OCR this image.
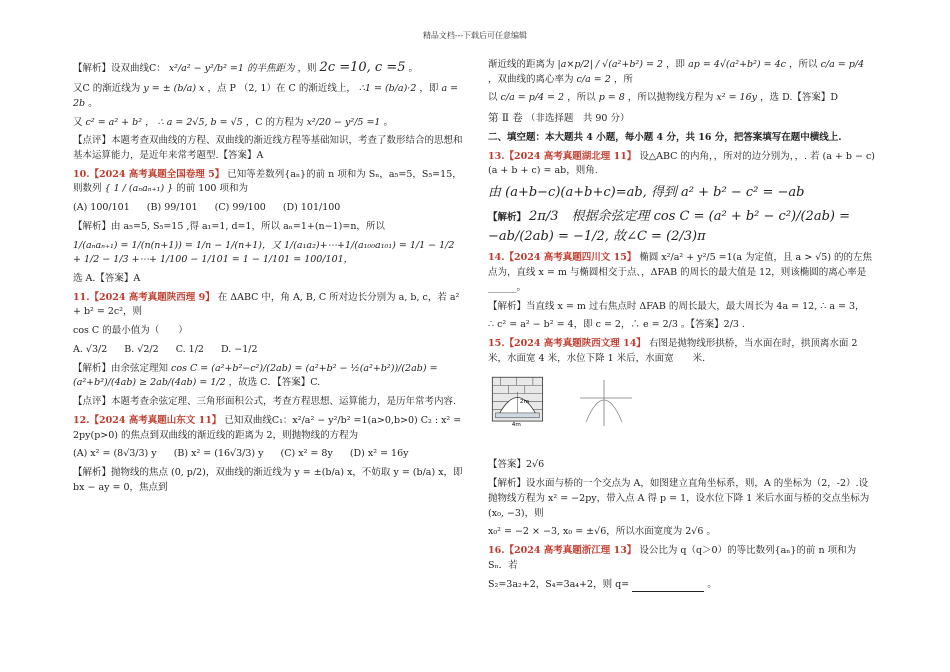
精品文档---下载后可任意编辑
【解析】设双曲线C： x²/a² − y²/b² =1 的半焦距为 ，则 2c =10, c =5 。
又C 的渐近线为 y = ± (b/a) x ，点 P （2, 1）在 C 的渐近线上， ∴1 = (b/a)·2 ，即 a = 2b 。
又 c² = a² + b² ， ∴ a = 2√5, b = √5 ，C 的方程为 x²/20 − y²/5 =1 。
【点评】本题考查双曲线的方程、双曲线的渐近线方程等基础知识，考查了数形结合的思想和基本运算能力，是近年来常考题型.【答案】A
10.【2024 高考真题全国卷理 5】 已知等差数列{aₙ}的前 n 项和为 Sₙ，a₅=5，S₅=15，则数列 { 1 / (aₙaₙ₊₁) } 的前 100 项和为
(A) 100/101 (B) 99/101 (C) 99/100 (D) 101/100
【解析】由 a₅=5, S₅=15 ,得 a₁=1, d=1，所以 aₙ=1+(n−1)=n，所以
1/(aₙaₙ₊₁) = 1/(n(n+1)) = 1/n − 1/(n+1)，又 1/(a₁a₂)+⋯+1/(a₁₀₀a₁₀₁) = 1/1 − 1/2 + 1/2 − 1/3 +⋯+ 1/100 − 1/101 = 1 − 1/101 = 100/101，
选 A.【答案】A
11.【2024 高考真题陕西理 9】 在 ΔABC 中，角 A, B, C 所对边长分别为 a, b, c，若 a² + b² = 2c²，则
cos C 的最小值为（　　）
A. √3/2 B. √2/2 C. 1/2 D. −1/2
【解析】由余弦定理知 cos C = (a²+b²−c²)/(2ab) = (a²+b² − ½(a²+b²))/(2ab) = (a²+b²)/(4ab) ≥ 2ab/(4ab) = 1/2 ，故选 C．【答案】C.
【点评】本题考查余弦定理、三角形面积公式，考查方程思想、运算能力，是历年常考内容.
12.【2024 高考真题山东文 11】 已知双曲线C₁：x²/a² − y²/b² =1(a>0,b>0) C₂ : x² = 2py(p>0) 的焦点到双曲线的渐近线的距离为 2，则抛物线的方程为
(A) x² = (8√3/3) y (B) x² = (16√3/3) y (C) x² = 8y (D) x² = 16y
【解析】抛物线的焦点 (0, p/2)，双曲线的渐近线为 y = ±(b/a) x，不妨取 y = (b/a) x，即 bx − ay = 0，焦点到
渐近线的距离为 |a×p/2| / √(a²+b²) = 2 ，即 ap = 4√(a²+b²) = 4c ，所以 c/a = p/4 ，双曲线的离心率为 c/a = 2 ，所
以 c/a = p/4 = 2 ，所以 p = 8 ，所以抛物线方程为 x² = 16y ，选 D.【答案】D
第 Ⅱ 卷 （非选择题　共 90 分）
二、填空题：本大题共 4 小题，每小题 4 分，共 16 分，把答案填写在题中横线上.
13.【2024 高考真题湖北理 11】 设△ABC 的内角，，所对的边分别为，，. 若 (a + b − c)(a + b + c) = ab，则角.
由 (a+b−c)(a+b+c)=ab, 得到 a² + b² − c² = −ab
【解析】 2π/3　根据余弦定理 cos C = (a² + b² − c²)/(2ab) = −ab/(2ab) = −1/2, 故∠C = (2/3)π
14.【2024 高考真题四川文 15】 椭圆 x²/a² + y²/5 =1(a 为定值，且 a > √5) 的的左焦点为，直线 x = m 与椭圆相交于点、，ΔFAB 的周长的最大值是 12，则该椭圆的离心率是______。
【解析】当直线 x = m 过右焦点时 ΔFAB 的周长最大，最大周长为 4a = 12, ∴ a = 3，
∴ c² = a² − b² = 4，即 c = 2，∴ e = 2/3 。【答案】2/3 .
15.【2024 高考真题陕西文理 14】 右图是抛物线形拱桥，当水面在时，拱顶离水面 2 米，水面宽 4 米，水位下降 1 米后，水面宽　　米.
2m
4m
【答案】2√6
【解析】设水面与桥的一个交点为 A，如图建立直角坐标系，则，A 的坐标为（2，-2）.设抛物线方程为 x² = −2py，带入点 A 得 p = 1，设水位下降 1 米后水面与桥的交点坐标为 (x₀, −3)，则
x₀² = −2 × −3, x₀ = ±√6，所以水面宽度为 2√6 。
16.【2024 高考真题浙江理 13】 设公比为 q（q＞0）的等比数列{aₙ}的前 n 项和为 Sₙ．若
S₂=3a₂+2，S₄=3a₄+2，则 q=	。
